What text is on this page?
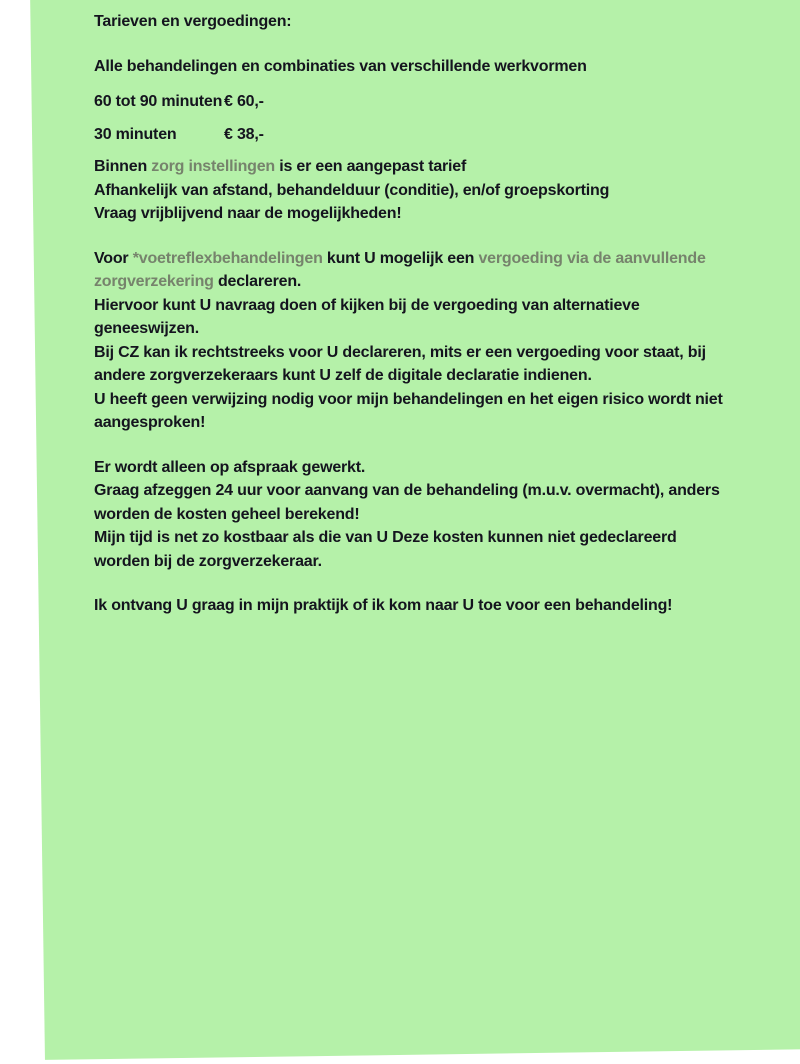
Tarieven en vergoedingen:

Alle behandelingen en combinaties van verschillende werkvormen

60 tot 90 minuten € 60,-

30 minuten	€ 38,-

Binnen zorg instellingen is er een aangepast tarief

Afhankelijk van afstand, behandelduur (conditie), en/of groepskorting

Vraag vrijblijvend naar de mogelijkheden!

Voor *voetreflexbehandelingen kunt U mogelijk een vergoeding via de aanvullende zorgverzekering declareren.

Hiervoor kunt U navraag doen of kijken bij de vergoeding van alternatieve geneeswijzen.

Bij CZ kan ik rechtstreeks voor U declareren, mits er een vergoeding voor staat, bij andere zorgverzekeraars kunt U zelf de digitale declaratie indienen.

U heeft geen verwijzing nodig voor mijn behandelingen en het eigen risico wordt niet aangesproken!

Er wordt alleen op afspraak gewerkt.

Graag afzeggen 24 uur voor aanvang van de behandeling (m.u.v. overmacht), anders worden de kosten geheel berekend!

Mijn tijd is net zo kostbaar als die van U Deze kosten kunnen niet gedeclareerd worden bij de zorgverzekeraar.

Ik ontvang U graag in mijn praktijk of ik kom naar U toe voor een behandeling!
